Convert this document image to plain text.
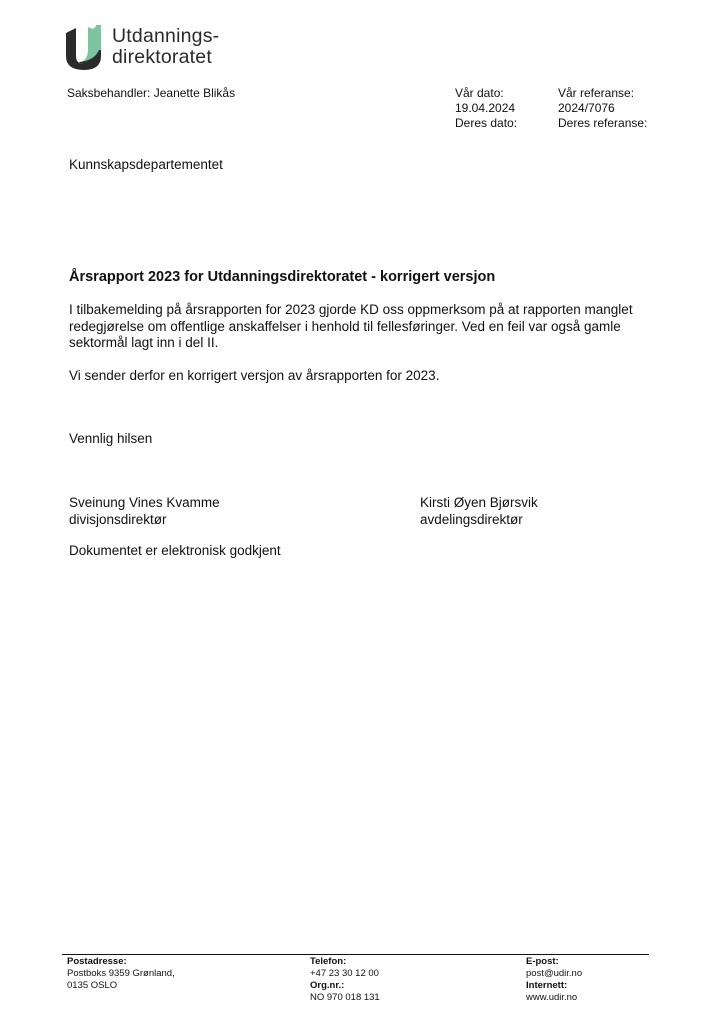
Utdannings-
direktoratet
Saksbehandler: Jeanette Blikås	Vår dato:
19.04.2024
Deres dato:
Vår referanse:
2024/7076
Deres referanse:
Kunnskapsdepartementet
Årsrapport 2023 for Utdanningsdirektoratet - korrigert versjon
I tilbakemelding på årsrapporten for 2023 gjorde KD oss oppmerksom på at rapporten manglet redegjørelse om offentlige anskaffelser i henhold til fellesføringer. Ved en feil var også gamle sektormål lagt inn i del II.
Vi sender derfor en korrigert versjon av årsrapporten for 2023.
Vennlig hilsen
Sveinung Vines Kvamme
divisjonsdirektør
Kirsti Øyen Bjørsvik
avdelingsdirektør
Dokumentet er elektronisk godkjent
Postadresse:
Postboks 9359 Grønland,
0135 OSLO
Telefon:
+47 23 30 12 00
Org.nr.:
NO 970 018 131
E-post:
post@udir.no
Internett:
www.udir.no
